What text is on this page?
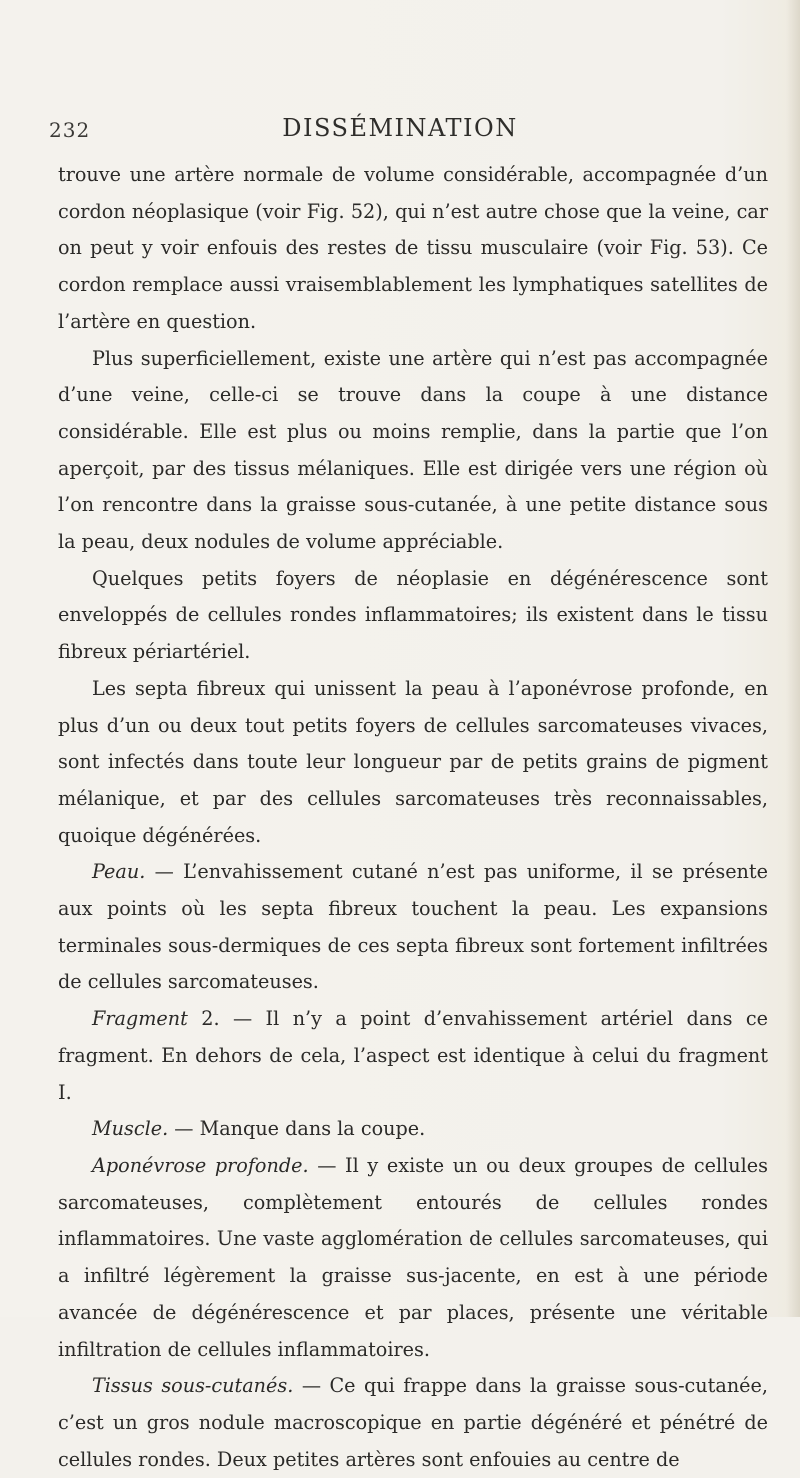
232	DISSÉMINATION

trouve une artère normale de volume considérable, accompagnée d’un cordon néoplasique (voir Fig. 52), qui n’est autre chose que la veine, car on peut y voir enfouis des restes de tissu musculaire (voir Fig. 53). Ce cordon remplace aussi vraisemblablement les lymphatiques satellites de l’artère en question.

Plus superficiellement, existe une artère qui n’est pas accompagnée d’une veine, celle-ci se trouve dans la coupe à une distance considérable. Elle est plus ou moins remplie, dans la partie que l’on aperçoit, par des tissus mélaniques. Elle est dirigée vers une région où l’on rencontre dans la graisse sous-cutanée, à une petite distance sous la peau, deux nodules de volume appréciable.

Quelques petits foyers de néoplasie en dégénérescence sont enveloppés de cellules rondes inflammatoires; ils existent dans le tissu fibreux périartériel.

Les septa fibreux qui unissent la peau à l’aponévrose profonde, en plus d’un ou deux tout petits foyers de cellules sarcomateuses vivaces, sont infectés dans toute leur longueur par de petits grains de pigment mélanique, et par des cellules sarcomateuses très reconnaissables, quoique dégénérées.

Peau. — L’envahissement cutané n’est pas uniforme, il se présente aux points où les septa fibreux touchent la peau. Les expansions terminales sous-dermiques de ces septa fibreux sont fortement infiltrées de cellules sarcomateuses.

Fragment 2. — Il n’y a point d’envahissement artériel dans ce fragment. En dehors de cela, l’aspect est identique à celui du fragment I.

Muscle. — Manque dans la coupe.

Aponévrose profonde. — Il y existe un ou deux groupes de cellules sarcomateuses, complètement entourés de cellules rondes inflammatoires. Une vaste agglomération de cellules sarcomateuses, qui a infiltré légèrement la graisse sus-jacente, en est à une période avancée de dégénérescence et par places, présente une véritable infiltration de cellules inflammatoires.

Tissus sous-cutanés. — Ce qui frappe dans la graisse sous-cutanée, c’est un gros nodule macroscopique en partie dégénéré et pénétré de cellules rondes. Deux petites artères sont enfouies au centre de
